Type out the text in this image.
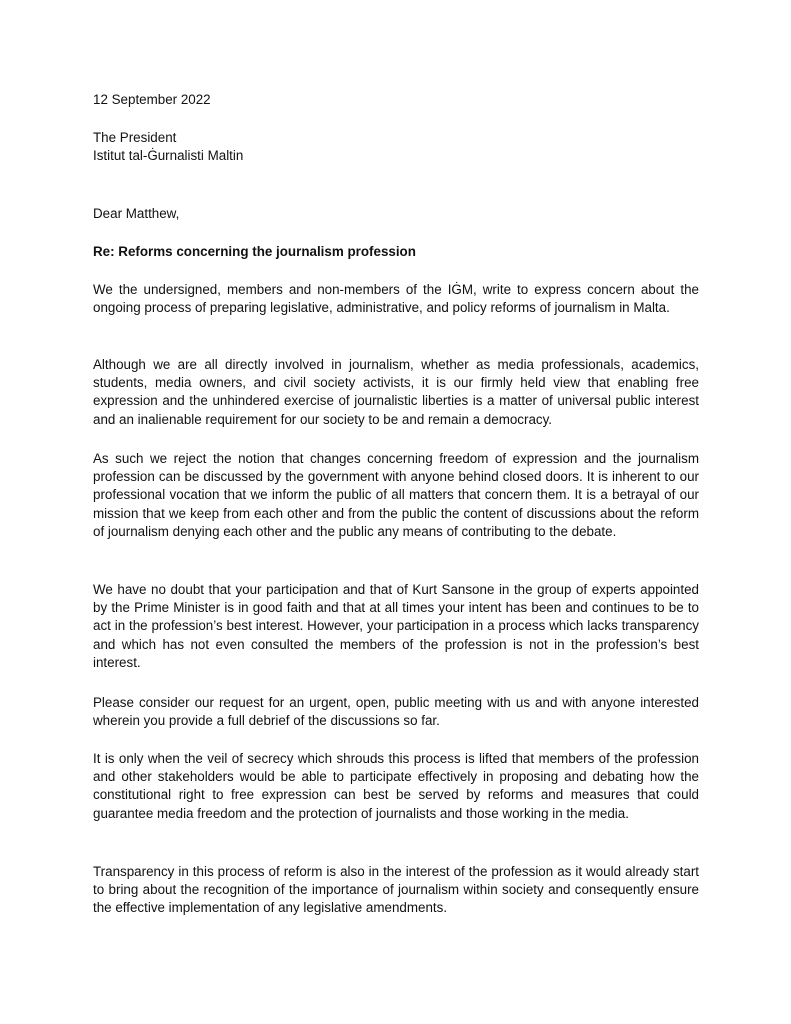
12 September 2022
The President
Istitut tal-Ġurnalisti Maltin
Dear Matthew,
Re: Reforms concerning the journalism profession

We the undersigned, members and non-members of the IĠM, write to express concern about the ongoing process of preparing legislative, administrative, and policy reforms of journalism in Malta.

Although we are all directly involved in journalism, whether as media professionals, academics, students, media owners, and civil society activists, it is our firmly held view that enabling free expression and the unhindered exercise of journalistic liberties is a matter of universal public interest and an inalienable requirement for our society to be and remain a democracy.

As such we reject the notion that changes concerning freedom of expression and the journalism profession can be discussed by the government with anyone behind closed doors. It is inherent to our professional vocation that we inform the public of all matters that concern them. It is a betrayal of our mission that we keep from each other and from the public the content of discussions about the reform of journalism denying each other and the public any means of contributing to the debate.

We have no doubt that your participation and that of Kurt Sansone in the group of experts appointed by the Prime Minister is in good faith and that at all times your intent has been and continues to be to act in the profession’s best interest. However, your participation in a process which lacks transparency and which has not even consulted the members of the profession is not in the profession’s best interest.

Please consider our request for an urgent, open, public meeting with us and with anyone interested wherein you provide a full debrief of the discussions so far.

It is only when the veil of secrecy which shrouds this process is lifted that members of the profession and other stakeholders would be able to participate effectively in proposing and debating how the constitutional right to free expression can best be served by reforms and measures that could guarantee media freedom and the protection of journalists and those working in the media.

Transparency in this process of reform is also in the interest of the profession as it would already start to bring about the recognition of the importance of journalism within society and consequently ensure the effective implementation of any legislative amendments.
